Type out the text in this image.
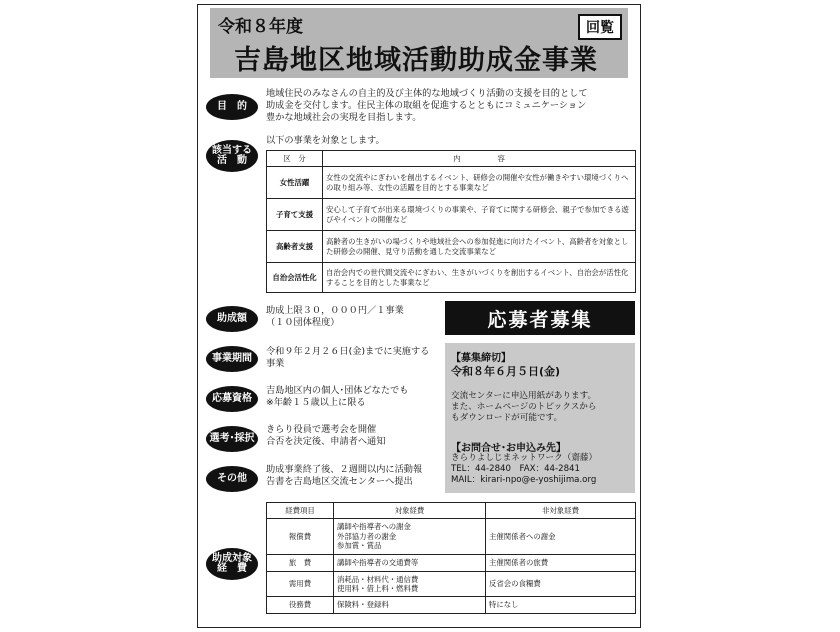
令和８年度	回覧
吉島地区地域活動助成金事業
目　的
地域住民のみなさんの自主的及び主体的な地域づくり活動の支援を目的として
助成金を交付します。住民主体の取組を促進するとともにコミュニケーション
豊かな地域社会の実現を目指します。
該当する
活　動
以下の事業を対象とします。
区　分	内　　　　　容
女性活躍	女性の交流やにぎわいを創出するイベント、研修会の開催や女性が働きやすい環境づくりへの取り組み等、女性の活躍を目的とする事業など
子育て支援	安心して子育てが出来る環境づくりの事業や、子育てに関する研修会、親子で参加できる遊びやイベントの開催など
高齢者支援	高齢者の生きがいの場づくりや地域社会への参加促進に向けたイベント、高齢者を対象とした研修会の開催、見守り活動を通した交流事業など
自治会活性化	自治会内での世代間交流やにぎわい、生きがいづくりを創出するイベント、自治会が活性化することを目的とした事業など
助成額
助成上限３０，０００円／１事業
（１０団体程度）
事業期間
令和９年２月２６日(金)までに実施する
事業
応募資格
吉島地区内の個人･団体どなたでも
※年齢１５歳以上に限る
選考･採択
きらり役員で選考会を開催
合否を決定後、申請者へ通知
その他
助成事業終了後、２週間以内に活動報
告書を吉島地区交流センターへ提出
応募者募集
【募集締切】
令和８年６月５日(金)
交流センターに申込用紙があります。
また、ホームページのトピックスから
もダウンロードが可能です。
【お問合せ･お申込み先】
きらりよしじまネットワーク（齋藤）
TEL：44-2840　FAX：44-2841
MAIL：kirari-npo@e-yoshijima.org
助成対象
経　費
経費項目	対象経費	非対象経費
報償費	講師や指導者への謝金
外部協力者の謝金
参加賞・賞品	主催関係者への謝金
旅　費	講師や指導者の交通費等	主催関係者の旅費
需用費	消耗品・材料代・通信費
使用料・借上料・燃料費	反省会の食糧費
役務費	保険料・登録料	特になし
